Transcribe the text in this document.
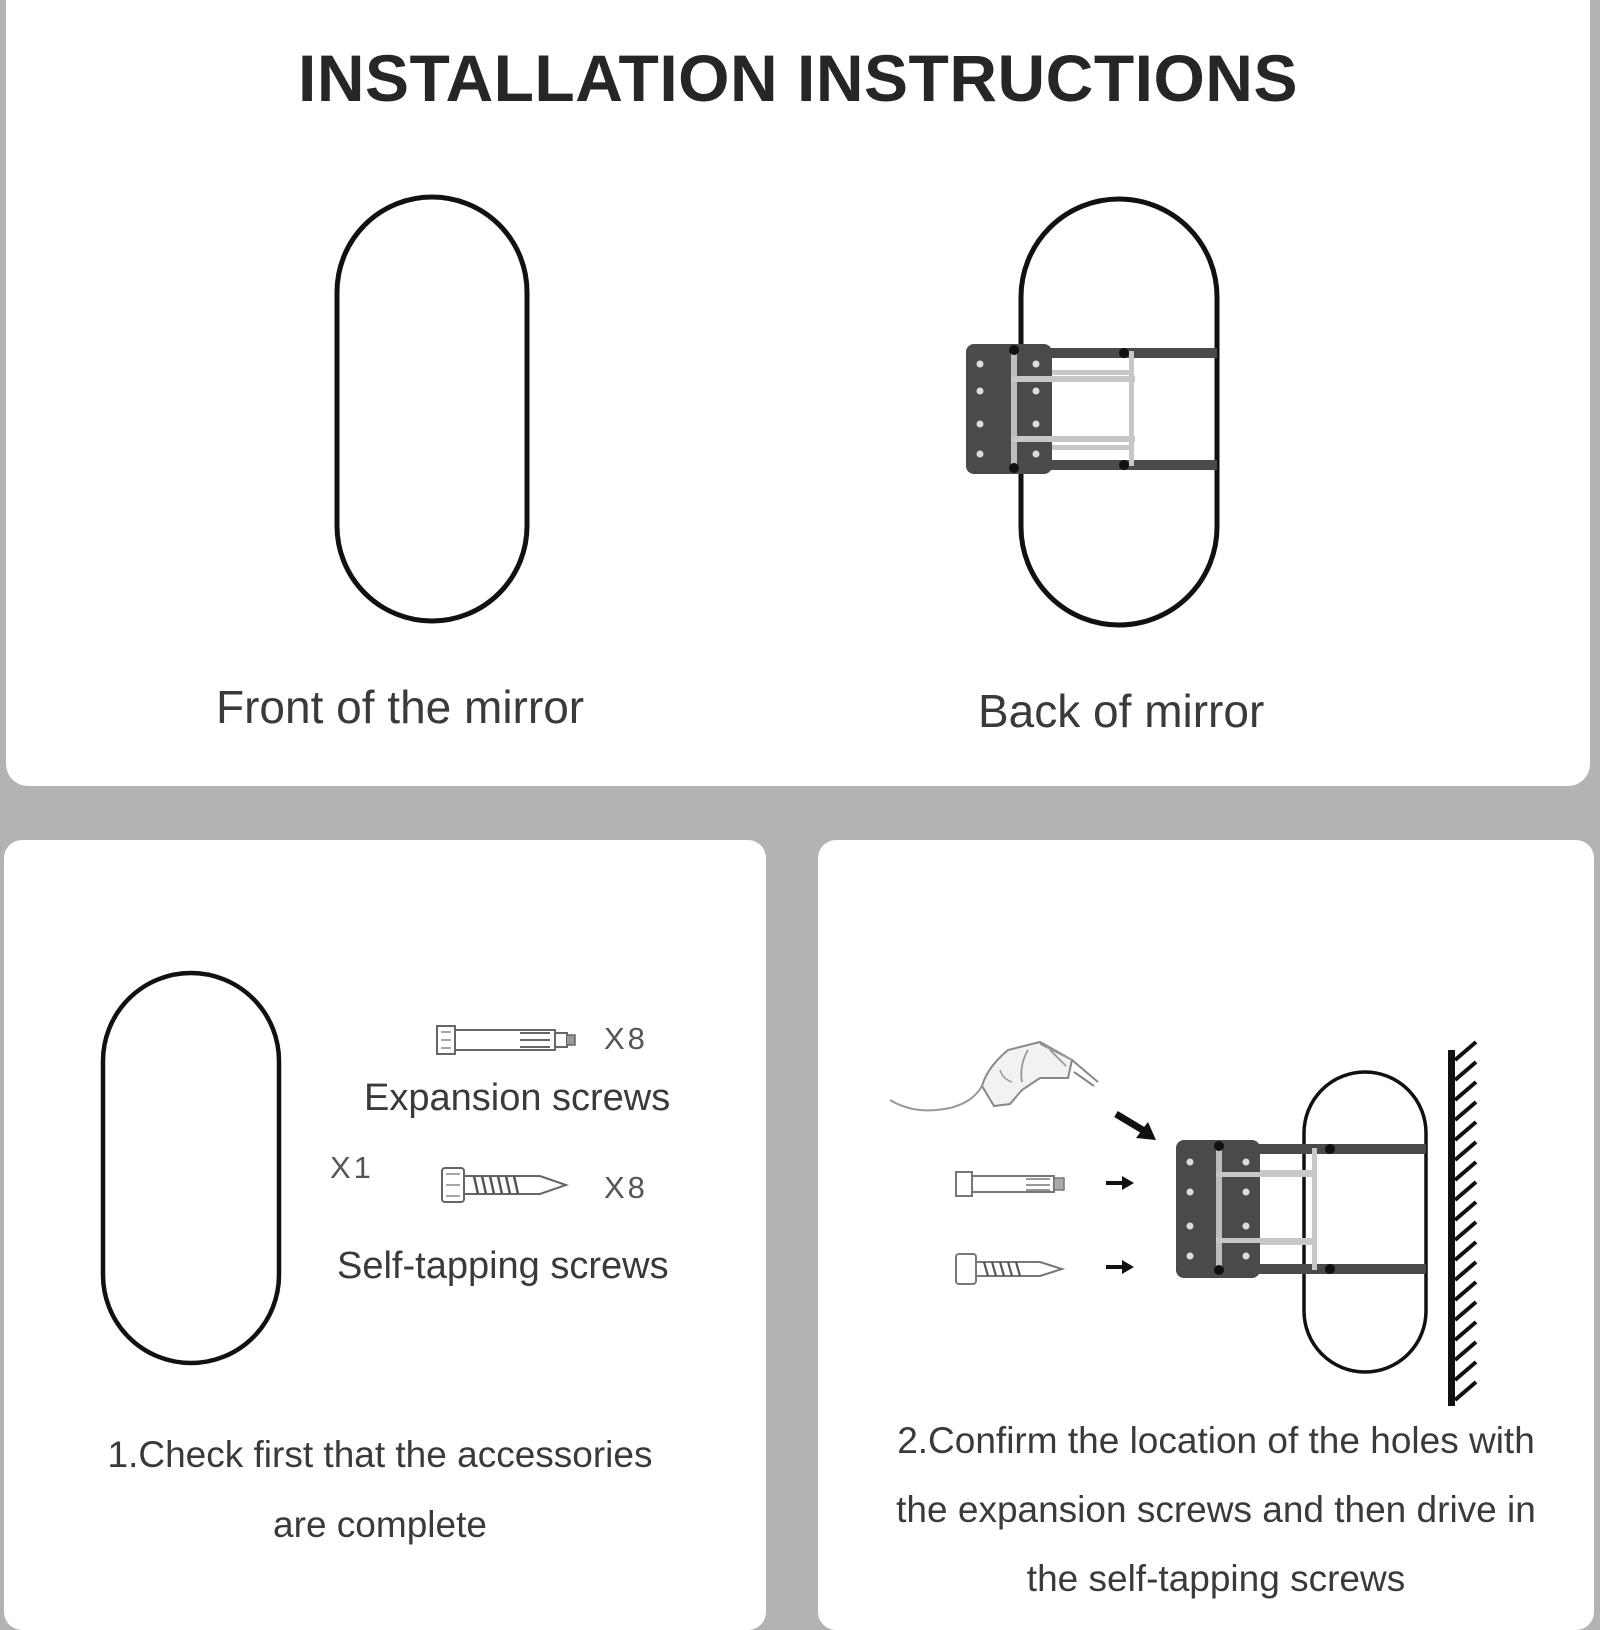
INSTALLATION INSTRUCTIONS
Front of the mirror	Back of mirror
X1
X8
Expansion screws
X8
Self-tapping screws
1.Check first that the accessories
are complete
2.Confirm the location of the holes with
the expansion screws and then drive in
the self-tapping screws
